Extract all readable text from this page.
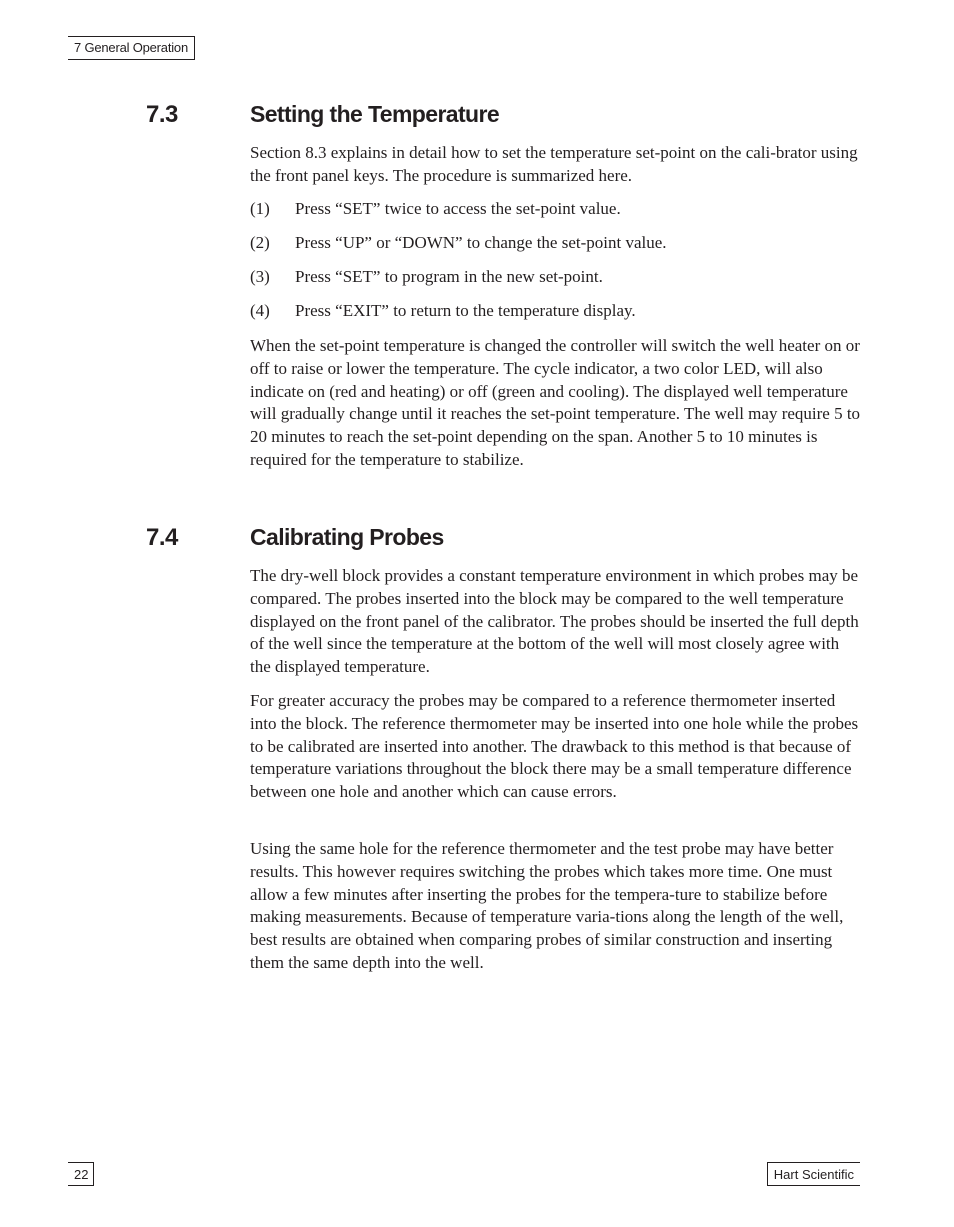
7 General Operation
7.3	Setting the Temperature

Section 8.3 explains in detail how to set the temperature set-point on the cali-brator using the front panel keys. The procedure is summarized here.

(1) Press “SET” twice to access the set-point value.
(2) Press “UP” or “DOWN” to change the set-point value.
(3) Press “SET” to program in the new set-point.
(4) Press “EXIT” to return to the temperature display.

When the set-point temperature is changed the controller will switch the well heater on or off to raise or lower the temperature. The cycle indicator, a two color LED, will also indicate on (red and heating) or off (green and cooling). The displayed well temperature will gradually change until it reaches the set-point temperature. The well may require 5 to 20 minutes to reach the set-point depending on the span. Another 5 to 10 minutes is required for the temperature to stabilize.

7.4	Calibrating Probes

The dry-well block provides a constant temperature environment in which probes may be compared. The probes inserted into the block may be compared to the well temperature displayed on the front panel of the calibrator. The probes should be inserted the full depth of the well since the temperature at the bottom of the well will most closely agree with the displayed temperature.

For greater accuracy the probes may be compared to a reference thermometer inserted into the block. The reference thermometer may be inserted into one hole while the probes to be calibrated are inserted into another. The drawback to this method is that because of temperature variations throughout the block there may be a small temperature difference between one hole and another which can cause errors.

Using the same hole for the reference thermometer and the test probe may have better results. This however requires switching the probes which takes more time. One must allow a few minutes after inserting the probes for the tempera-ture to stabilize before making measurements. Because of temperature varia-tions along the length of the well, best results are obtained when comparing probes of similar construction and inserting them the same depth into the well.

22	Hart Scientific
